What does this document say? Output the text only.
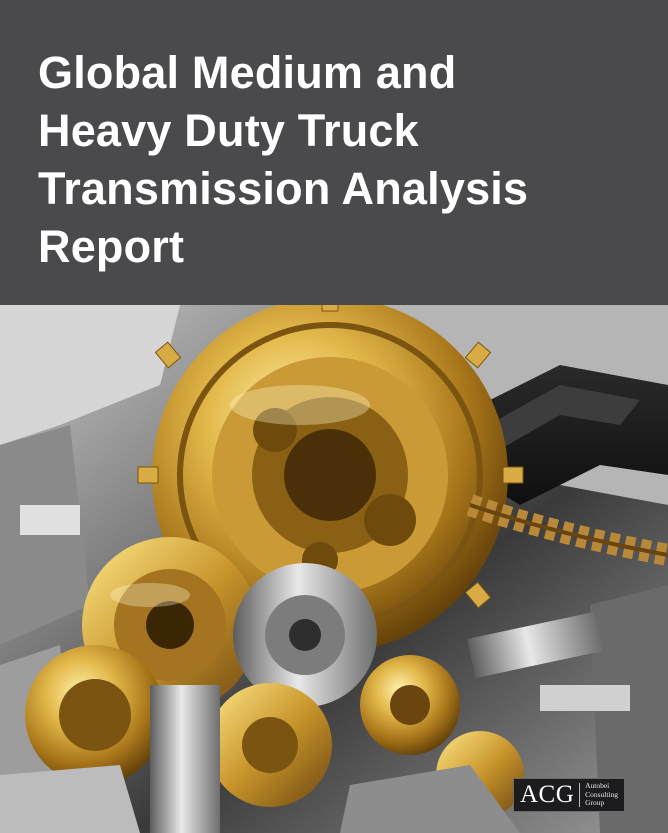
Global Medium and
Heavy Duty Truck
Transmission Analysis
Report
ACG Autobei
Consulting
Group
